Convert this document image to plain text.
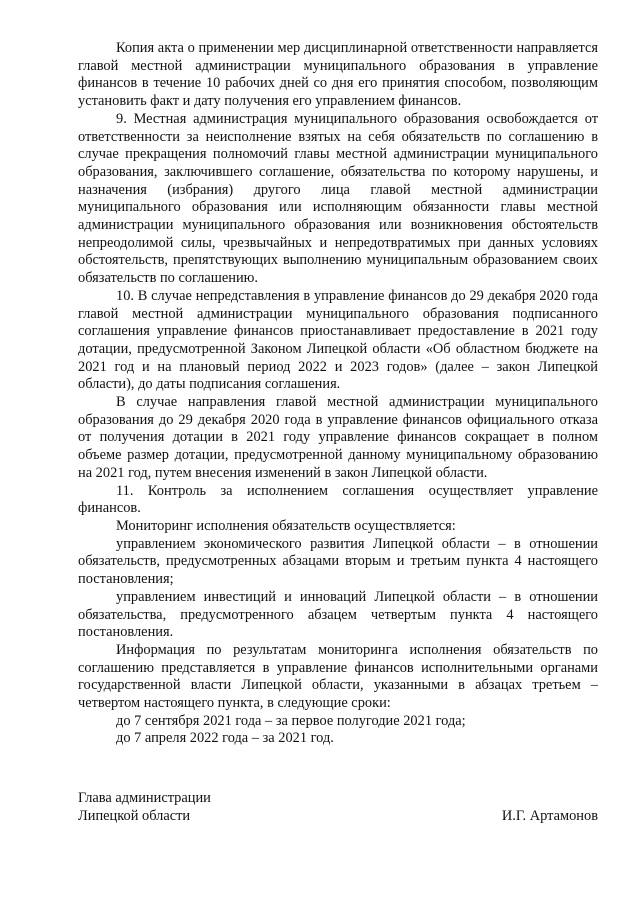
Копия акта о применении мер дисциплинарной ответственности направляется главой местной администрации муниципального образования в управление финансов в течение 10 рабочих дней со дня его принятия способом, позволяющим установить факт и дату получения его управлением финансов.

9. Местная администрация муниципального образования освобождается от ответственности за неисполнение взятых на себя обязательств по соглашению в случае прекращения полномочий главы местной администрации муниципального образования, заключившего соглашение, обязательства по которому нарушены, и назначения (избрания) другого лица главой местной администрации муниципального образования или исполняющим обязанности главы местной администрации муниципального образования или возникновения обстоятельств непреодолимой силы, чрезвычайных и непредотвратимых при данных условиях обстоятельств, препятствующих выполнению муниципальным образованием своих обязательств по соглашению.

10. В случае непредставления в управление финансов до 29 декабря 2020 года главой местной администрации муниципального образования подписанного соглашения управление финансов приостанавливает предоставление в 2021 году дотации, предусмотренной Законом Липецкой области «Об областном бюджете на 2021 год и на плановый период 2022 и 2023 годов» (далее – закон Липецкой области), до даты подписания соглашения.

В случае направления главой местной администрации муниципального образования до 29 декабря 2020 года в управление финансов официального отказа от получения дотации в 2021 году управление финансов сокращает в полном объеме размер дотации, предусмотренной данному муниципальному образованию на 2021 год, путем внесения изменений в закон Липецкой области.

11. Контроль за исполнением соглашения осуществляет управление финансов.

Мониторинг исполнения обязательств осуществляется:

управлением экономического развития Липецкой области – в отношении обязательств, предусмотренных абзацами вторым и третьим пункта 4 настоящего постановления;

управлением инвестиций и инноваций Липецкой области – в отношении обязательства, предусмотренного абзацем четвертым пункта 4 настоящего постановления.

Информация по результатам мониторинга исполнения обязательств по соглашению представляется в управление финансов исполнительными органами государственной власти Липецкой области, указанными в абзацах третьем – четвертом настоящего пункта, в следующие сроки:

до 7 сентября 2021 года – за первое полугодие 2021 года;

до 7 апреля 2022 года – за 2021 год.

Глава администрации
Липецкой области	И.Г. Артамонов
